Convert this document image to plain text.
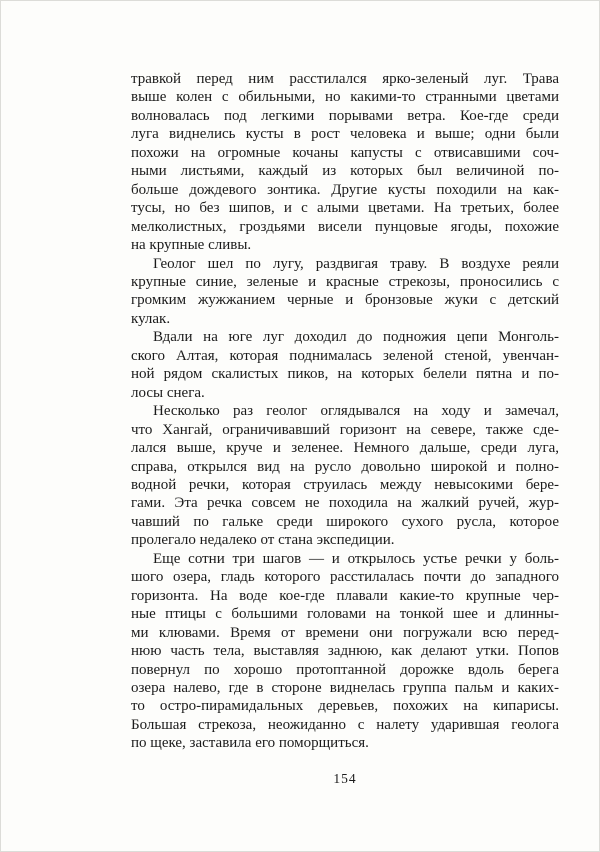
травкой перед ним расстилался ярко-зеленый луг. Трава
выше колен с обильными, но какими-то странными цветами
волновалась под легкими порывами ветра. Кое-где среди
луга виднелись кусты в рост человека и выше; одни были
похожи на огромные кочаны капусты с отвисавшими соч-
ными листьями, каждый из которых был величиной по-
больше дождевого зонтика. Другие кусты походили на как-
тусы, но без шипов, и с алыми цветами. На третьих, более
мелколистных, гроздьями висели пунцовые ягоды, похожие
на крупные сливы.
Геолог шел по лугу, раздвигая траву. В воздухе реяли
крупные синие, зеленые и красные стрекозы, проносились с
громким жужжанием черные и бронзовые жуки с детский
кулак.
Вдали на юге луг доходил до подножия цепи Монголь-
ского Алтая, которая поднималась зеленой стеной, увенчан-
ной рядом скалистых пиков, на которых белели пятна и по-
лосы снега.
Несколько раз геолог оглядывался на ходу и замечал,
что Хангай, ограничивавший горизонт на севере, также сде-
лался выше, круче и зеленее. Немного дальше, среди луга,
справа, открылся вид на русло довольно широкой и полно-
водной речки, которая струилась между невысокими бере-
гами. Эта речка совсем не походила на жалкий ручей, жур-
чавший по гальке среди широкого сухого русла, которое
пролегало недалеко от стана экспедиции.
Еще сотни три шагов — и открылось устье речки у боль-
шого озера, гладь которого расстилалась почти до западного
горизонта. На воде кое-где плавали какие-то крупные чер-
ные птицы с большими головами на тонкой шее и длинны-
ми клювами. Время от времени они погружали всю перед-
нюю часть тела, выставляя заднюю, как делают утки. Попов
повернул по хорошо протоптанной дорожке вдоль берега
озера налево, где в стороне виднелась группа пальм и каких-
то остро-пирамидальных деревьев, похожих на кипарисы.
Большая стрекоза, неожиданно с налету ударившая геолога
по щеке, заставила его поморщиться.
154
